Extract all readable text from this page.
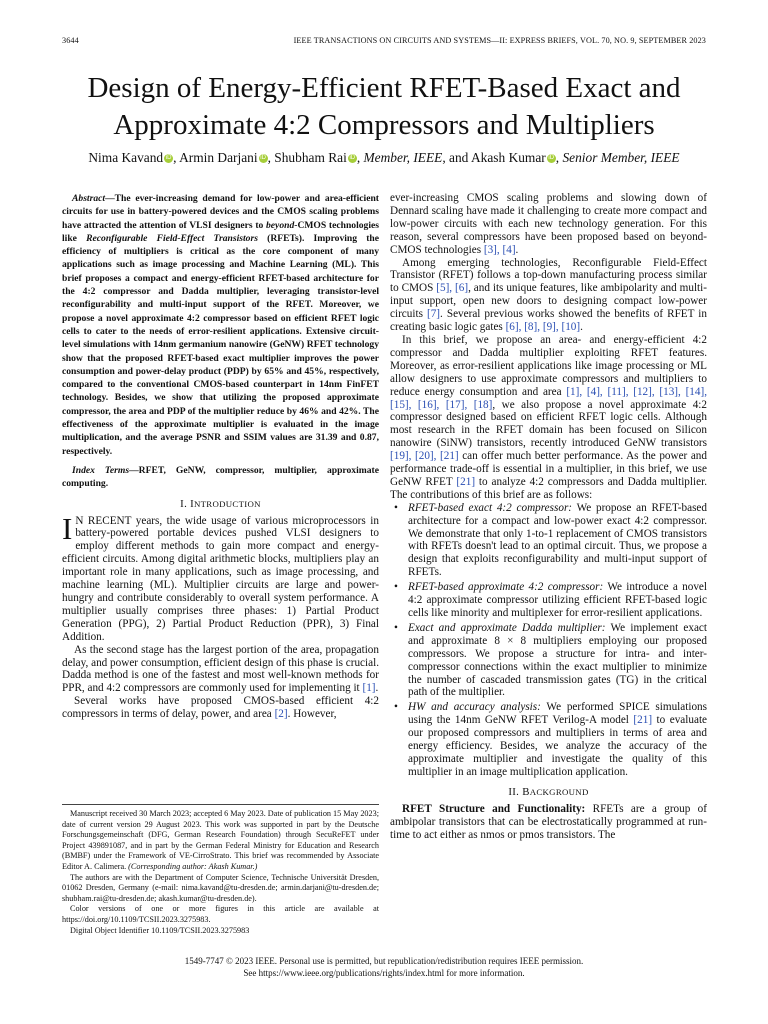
3644	IEEE TRANSACTIONS ON CIRCUITS AND SYSTEMS—II: EXPRESS BRIEFS, VOL. 70, NO. 9, SEPTEMBER 2023
Design of Energy-Efficient RFET-Based Exact and
Approximate 4:2 Compressors and Multipliers
Nima Kavand iD , Armin Darjani iD , Shubham Rai iD , Member, IEEE, and Akash Kumar iD , Senior Member, IEEE

Abstract—The ever-increasing demand for low-power and area-efficient circuits for use in battery-powered devices and the CMOS scaling problems have attracted the attention of VLSI designers to beyond-CMOS technologies like Reconfigurable Field-Effect Transistors (RFETs). Improving the efficiency of multipliers is critical as the core component of many applications such as image processing and Machine Learning (ML). This brief proposes a compact and energy-efficient RFET-based architecture for the 4:2 compressor and Dadda multiplier, leveraging transistor-level reconfigurability and multi-input support of the RFET. Moreover, we propose a novel approximate 4:2 compressor based on efficient RFET logic cells to cater to the needs of error-resilient applications. Extensive circuit-level simulations with 14nm germanium nanowire (GeNW) RFET technology show that the proposed RFET-based exact multiplier improves the power consumption and power-delay product (PDP) by 65% and 45%, respectively, compared to the conventional CMOS-based counterpart in 14nm FinFET technology. Besides, we show that utilizing the proposed approximate compressor, the area and PDP of the multiplier reduce by 46% and 42%. The effectiveness of the approximate multiplier is evaluated in the image multiplication, and the average PSNR and SSIM values are 31.39 and 0.87, respectively.

Index Terms—RFET, GeNW, compressor, multiplier, approximate computing.

I. INTRODUCTION

I N RECENT years, the wide usage of various microprocessors in battery-powered portable devices pushed VLSI designers to employ different methods to gain more compact and energy-efficient circuits. Among digital arithmetic blocks, multipliers play an important role in many applications, such as image processing, and machine learning (ML). Multiplier circuits are large and power-hungry and contribute considerably to overall system performance. A multiplier usually comprises three phases: 1) Partial Product Generation (PPG), 2) Partial Product Reduction (PPR), 3) Final Addition.

As the second stage has the largest portion of the area, propagation delay, and power consumption, efficient design of this phase is crucial. Dadda method is one of the fastest and most well-known methods for PPR, and 4:2 compressors are commonly used for implementing it [1].

Several works have proposed CMOS-based efficient 4:2 compressors in terms of delay, power, and area [2]. However,

Manuscript received 30 March 2023; accepted 6 May 2023. Date of publication 15 May 2023; date of current version 29 August 2023. This work was supported in part by the Deutsche Forschungsgemeinschaft (DFG, German Research Foundation) through SecuReFET under Project 439891087, and in part by the German Federal Ministry for Education and Research (BMBF) under the Framework of VE-CirroStrato. This brief was recommended by Associate Editor A. Calimera. (Corresponding author: Akash Kumar.)

The authors are with the Department of Computer Science, Technische Universität Dresden, 01062 Dresden, Germany (e-mail: nima.kavand@tu-dresden.de; armin.darjani@tu-dresden.de; shubham.rai@tu-dresden.de; akash.kumar@tu-dresden.de).

Color versions of one or more figures in this article are available at https://doi.org/10.1109/TCSII.2023.3275983.

Digital Object Identifier 10.1109/TCSII.2023.3275983

ever-increasing CMOS scaling problems and slowing down of Dennard scaling have made it challenging to create more compact and low-power circuits with each new technology generation. For this reason, several compressors have been proposed based on beyond-CMOS technologies [3], [4].

Among emerging technologies, Reconfigurable Field-Effect Transistor (RFET) follows a top-down manufacturing process similar to CMOS [5], [6], and its unique features, like ambipolarity and multi-input support, open new doors to designing compact low-power circuits [7]. Several previous works showed the benefits of RFET in creating basic logic gates [6], [8], [9], [10].

In this brief, we propose an area- and energy-efficient 4:2 compressor and Dadda multiplier exploiting RFET features. Moreover, as error-resilient applications like image processing or ML allow designers to use approximate compressors and multipliers to reduce energy consumption and area [1], [4], [11], [12], [13], [14], [15], [16], [17], [18], we also propose a novel approximate 4:2 compressor designed based on efficient RFET logic cells. Although most research in the RFET domain has been focused on Silicon nanowire (SiNW) transistors, recently introduced GeNW transistors [19], [20], [21] can offer much better performance. As the power and performance trade-off is essential in a multiplier, in this brief, we use GeNW RFET [21] to analyze 4:2 compressors and Dadda multiplier. The contributions of this brief are as follows:

• RFET-based exact 4:2 compressor: We propose an RFET-based architecture for a compact and low-power exact 4:2 compressor. We demonstrate that only 1-to-1 replacement of CMOS transistors with RFETs doesn't lead to an optimal circuit. Thus, we propose a design that exploits reconfigurability and multi-input support of RFETs.
• RFET-based approximate 4:2 compressor: We introduce a novel 4:2 approximate compressor utilizing efficient RFET-based logic cells like minority and multiplexer for error-resilient applications.
• Exact and approximate Dadda multiplier: We implement exact and approximate 8 × 8 multipliers employing our proposed compressors. We propose a structure for intra- and inter-compressor connections within the exact multiplier to minimize the number of cascaded transmission gates (TG) in the critical path of the multiplier.
• HW and accuracy analysis: We performed SPICE simulations using the 14nm GeNW RFET Verilog-A model [21] to evaluate our proposed compressors and multipliers in terms of area and energy efficiency. Besides, we analyze the accuracy of the approximate multiplier and investigate the quality of this multiplier in an image multiplication application.
II. BACKGROUND

RFET Structure and Functionality: RFETs are a group of ambipolar transistors that can be electrostatically programmed at run-time to act either as nmos or pmos transistors. The

1549-7747 © 2023 IEEE. Personal use is permitted, but republication/redistribution requires IEEE permission.
See https://www.ieee.org/publications/rights/index.html for more information.
